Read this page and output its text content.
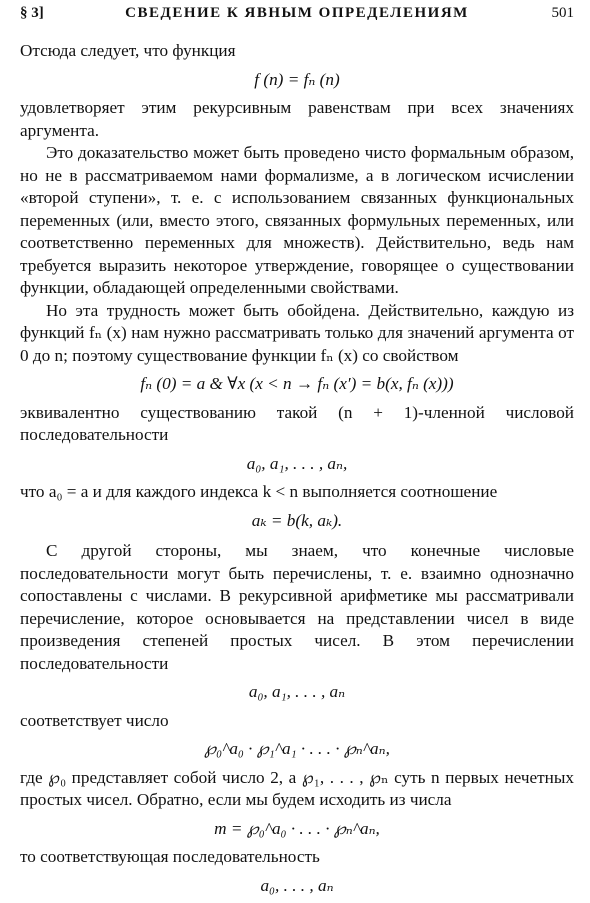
§ 3]	СВЕДЕНИЕ К ЯВНЫМ ОПРЕДЕЛЕНИЯМ	501

Отсюда следует, что функция

f (n) = fₙ (n)

удовлетворяет этим рекурсивным равенствам при всех значениях аргумента.

Это доказательство может быть проведено чисто формальным образом, но не в рассматриваемом нами формализме, а в логическом исчислении «второй ступени», т. е. с использованием связанных функциональных переменных (или, вместо этого, связанных формульных переменных, или соответственно переменных для множеств). Действительно, ведь нам требуется выразить некоторое утверждение, говорящее о существовании функции, обладающей определенными свойствами.

Но эта трудность может быть обойдена. Действительно, каждую из функций fₙ (x) нам нужно рассматривать только для значений аргумента от 0 до n; поэтому существование функции fₙ (x) со свойством

fₙ (0) = a & ∀x (x < n → fₙ (x′) = b(x, fₙ (x)))

эквивалентно существованию такой (n + 1)-членной числовой последовательности

a₀, a₁, . . . , aₙ,

что a₀ = a и для каждого индекса k < n выполняется соотношение

aₖ = b(k, aₖ).

С другой стороны, мы знаем, что конечные числовые последовательности могут быть перечислены, т. е. взаимно однозначно сопоставлены с числами. В рекурсивной арифметике мы рассматривали перечисление, которое основывается на представлении чисел в виде произведения степеней простых чисел. В этом перечислении последовательности

a₀, a₁, . . . , aₙ

соответствует число

℘₀^a₀ · ℘₁^a₁ · . . . · ℘ₙ^aₙ,

где ℘₀ представляет собой число 2, а ℘₁, . . . , ℘ₙ суть n первых нечетных простых чисел. Обратно, если мы будем исходить из числа

m = ℘₀^a₀ · . . . · ℘ₙ^aₙ,

то соответствующая последовательность

a₀, . . . , aₙ
